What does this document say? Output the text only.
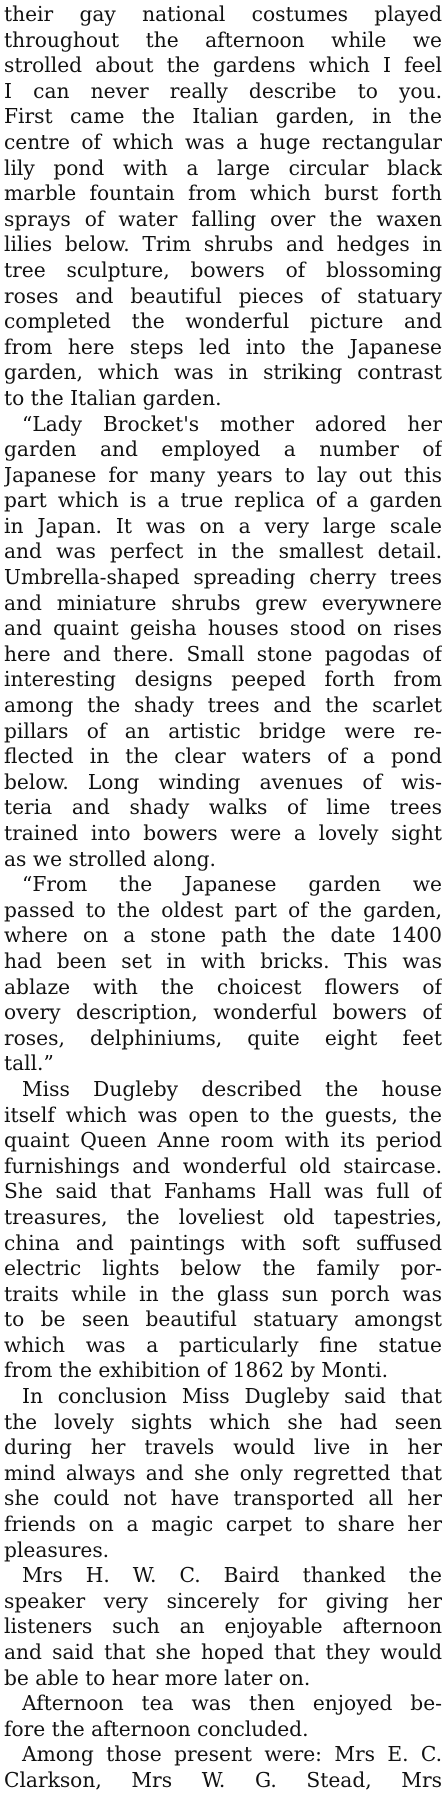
their gay national costumes played
throughout the afternoon while we
strolled about the gardens which I feel
I can never really describe to you.
First came the Italian garden, in the
centre of which was a huge rectangular
lily pond with a large circular black
marble fountain from which burst forth
sprays of water falling over the waxen
lilies below. Trim shrubs and hedges in
tree sculpture, bowers of blossoming
roses and beautiful pieces of statuary
completed the wonderful picture and
from here steps led into the Japanese
garden, which was in striking contrast
to the Italian garden.

“Lady Brocket's mother adored her
garden and employed a number of
Japanese for many years to lay out this
part which is a true replica of a garden
in Japan. It was on a very large scale
and was perfect in the smallest detail.
Umbrella-shaped spreading cherry trees
and miniature shrubs grew everywnere
and quaint geisha houses stood on rises
here and there. Small stone pagodas of
interesting designs peeped forth from
among the shady trees and the scarlet
pillars of an artistic bridge were re-
flected in the clear waters of a pond
below. Long winding avenues of wis-
teria and shady walks of lime trees
trained into bowers were a lovely sight
as we strolled along.

“From the Japanese garden we
passed to the oldest part of the garden,
where on a stone path the date 1400
had been set in with bricks. This was
ablaze with the choicest flowers of
overy description, wonderful bowers of
roses, delphiniums, quite eight feet
tall.”

Miss Dugleby described the house
itself which was open to the guests, the
quaint Queen Anne room with its period
furnishings and wonderful old staircase.
She said that Fanhams Hall was full of
treasures, the loveliest old tapestries,
china and paintings with soft suffused
electric lights below the family por-
traits while in the glass sun porch was
to be seen beautiful statuary amongst
which was a particularly fine statue
from the exhibition of 1862 by Monti.

In conclusion Miss Dugleby said that
the lovely sights which she had seen
during her travels would live in her
mind always and she only regretted that
she could not have transported all her
friends on a magic carpet to share her
pleasures.

Mrs H. W. C. Baird thanked the
speaker very sincerely for giving her
listeners such an enjoyable afternoon
and said that she hoped that they would
be able to hear more later on.

Afternoon tea was then enjoyed be-
fore the afternoon concluded.

Among those present were: Mrs E. C.
Clarkson, Mrs W. G. Stead, Mrs
